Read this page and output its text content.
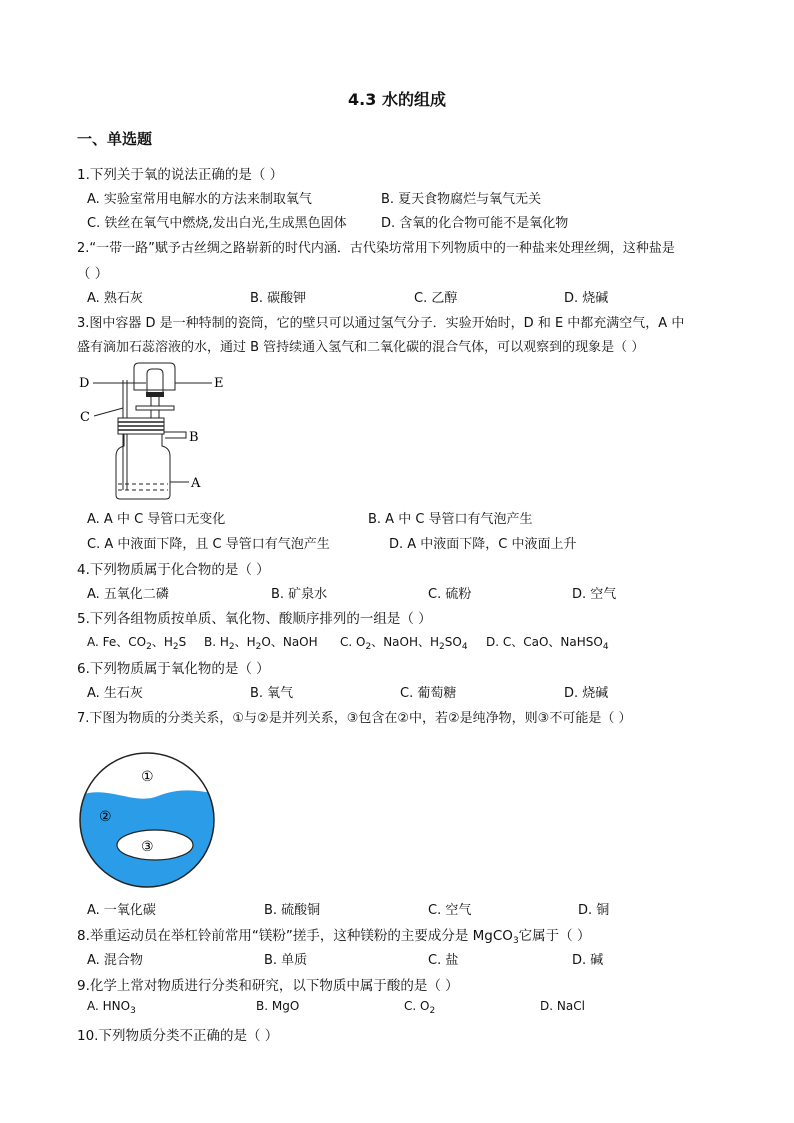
4.3 水的组成
一、单选题
1.下列关于氧的说法正确的是（ ）
A. 实验室常用电解水的方法来制取氧气	B. 夏天食物腐烂与氧气无关
C. 铁丝在氧气中燃烧,发出白光,生成黑色固体	D. 含氧的化合物可能不是氧化物
2.“一带一路”赋予古丝绸之路崭新的时代内涵．古代染坊常用下列物质中的一种盐来处理丝绸，这种盐是
（ ）
A. 熟石灰	B. 碳酸钾	C. 乙醇	D. 烧碱
3.图中容器 D 是一种特制的瓷筒，它的壁只可以通过氢气分子．实验开始时，D 和 E 中都充满空气，A 中
盛有滴加石蕊溶液的水，通过 B 管持续通入氢气和二氧化碳的混合气体，可以观察到的现象是（ ）
D	E
C
B
A
A. A 中 C 导管口无变化	B. A 中 C 导管口有气泡产生
C. A 中液面下降，且 C 导管口有气泡产生	D. A 中液面下降，C 中液面上升
4.下列物质属于化合物的是（ ）
A. 五氧化二磷	B. 矿泉水	C. 硫粉	D. 空气
5.下列各组物质按单质、氧化物、酸顺序排列的一组是（ ）
A. Fe、$CO_2$、$H_2S$ B. $H_2$、$H_2O$、NaOH C. $O_2$、NaOH、$H_2SO_4$ D. C、CaO、NaHSO$_4$
6.下列物质属于氧化物的是（ ）
A. 生石灰	B. 氧气	C. 葡萄糖	D. 烧碱
7.下图为物质的分类关系，①与②是并列关系，③包含在②中，若②是纯净物，则③不可能是（ ）
①
②
③
A. 一氧化碳	B. 硫酸铜	C. 空气	D. 铜
8.举重运动员在举杠铃前常用“镁粉”搓手，这种镁粉的主要成分是 MgCO$_3$它属于（ ）
A. 混合物	B. 单质	C. 盐	D. 碱
9.化学上常对物质进行分类和研究，以下物质中属于酸的是（ ）
A. $HNO_3$	B. MgO	C. $O_2$	D. NaCl
10.下列物质分类不正确的是（ ）
